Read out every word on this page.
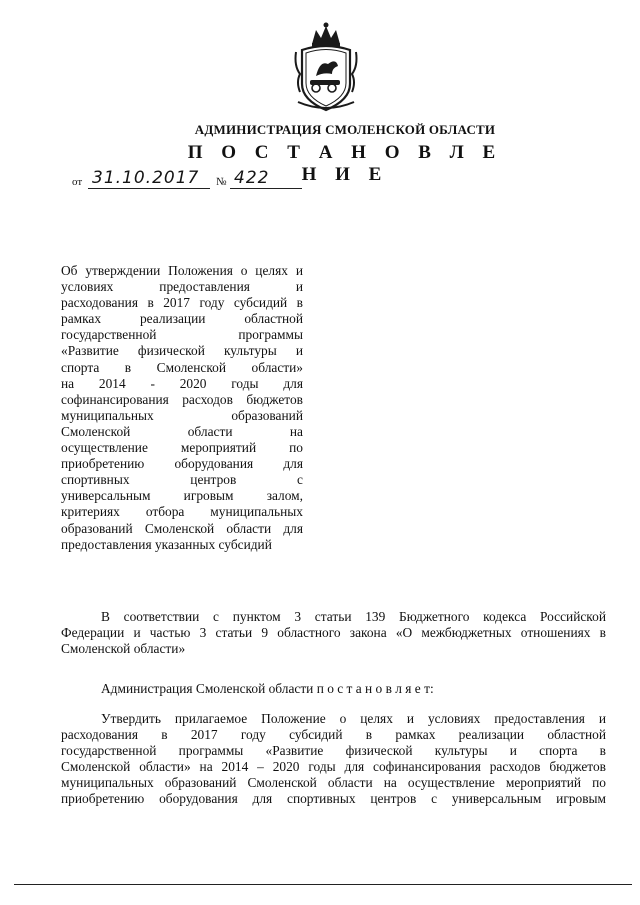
АДМИНИСТРАЦИЯ СМОЛЕНСКОЙ ОБЛАСТИ
П О С Т А Н О В Л Е Н И Е
от 31.10.2017 № 422
Об утверждении Положения о целях и
условиях предоставления и
расходования в 2017 году субсидий в
рамках реализации областной
государственной программы
«Развитие физической культуры и
спорта в Смоленской области»
на 2014 - 2020 годы для
софинансирования расходов бюджетов
муниципальных образований
Смоленской области на
осуществление мероприятий по
приобретению оборудования для
спортивных центров с
универсальным игровым залом,
критериях отбора муниципальных
образований Смоленской области для
предоставления указанных субсидий
В соответствии с пунктом 3 статьи 139 Бюджетного кодекса Российской
Федерации и частью 3 статьи 9 областного закона «О межбюджетных отношениях в
Смоленской области»
Администрация Смоленской области п о с т а н о в л я е т:
Утвердить прилагаемое Положение о целях и условиях предоставления и
расходования в 2017 году субсидий в рамках реализации областной
государственной программы «Развитие физической культуры и спорта в
Смоленской области» на 2014 – 2020 годы для софинансирования расходов бюджетов
муниципальных образований Смоленской области на осуществление мероприятий по
приобретению оборудования для спортивных центров с универсальным игровым
